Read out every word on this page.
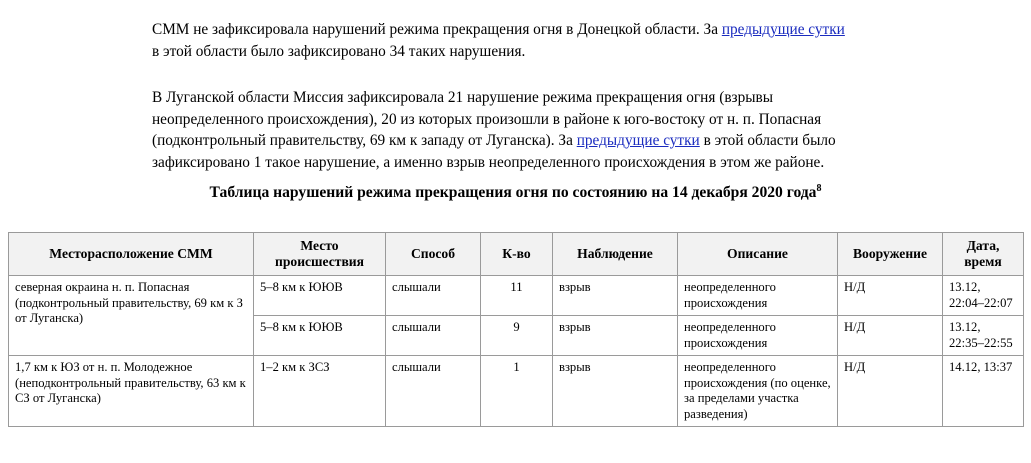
СММ не зафиксировала нарушений режима прекращения огня в Донецкой области. За предыдущие сутки в этой области было зафиксировано 34 таких нарушения.

В Луганской области Миссия зафиксировала 21 нарушение режима прекращения огня (взрывы неопределенного происхождения), 20 из которых произошли в районе к юго-востоку от н. п. Попасная (подконтрольный правительству, 69 км к западу от Луганска). За предыдущие сутки в этой области было зафиксировано 1 такое нарушение, а именно взрыв неопределенного происхождения в этом же районе.

Таблица нарушений режима прекращения огня по состоянию на 14 декабря 2020 года$^8$
Месторасположение СММ	Место происшествия	Способ	К-во	Наблюдение	Описание	Вооружение	Дата, время
северная окраина н. п. Попасная (подконтрольный правительству, 69 км к З от Луганска)	5–8 км к ЮЮВ	слышали	11	взрыв	неопределенного происхождения	Н/Д	13.12, 22:04–22:07
	5–8 км к ЮЮВ	слышали	9	взрыв	неопределенного происхождения	Н/Д	13.12, 22:35–22:55
1,7 км к ЮЗ от н. п. Молодежное (неподконтрольный правительству, 63 км к СЗ от Луганска)	1–2 км к ЗСЗ	слышали	1	взрыв	неопределенного происхождения (по оценке, за пределами участка разведения)	Н/Д	14.12, 13:37
